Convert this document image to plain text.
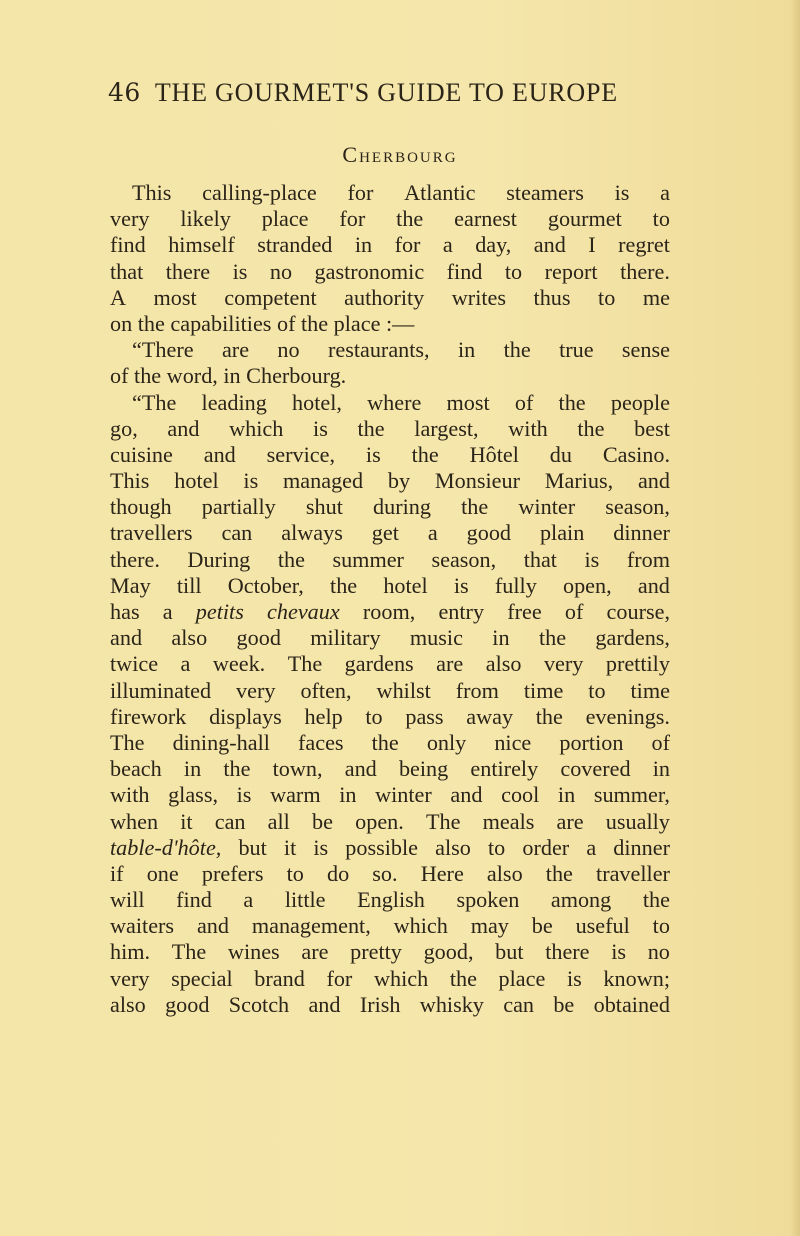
46 THE GOURMET'S GUIDE TO EUROPE
Cherbourg
This calling-place for Atlantic steamers is a
very likely place for the earnest gourmet to
find himself stranded in for a day, and I regret
that there is no gastronomic find to report there.
A most competent authority writes thus to me
on the capabilities of the place :—
“There are no restaurants, in the true sense
of the word, in Cherbourg.
“The leading hotel, where most of the people
go, and which is the largest, with the best
cuisine and service, is the Hôtel du Casino.
This hotel is managed by Monsieur Marius, and
though partially shut during the winter season,
travellers can always get a good plain dinner
there. During the summer season, that is from
May till October, the hotel is fully open, and
has a petits chevaux room, entry free of course,
and also good military music in the gardens,
twice a week. The gardens are also very prettily
illuminated very often, whilst from time to time
firework displays help to pass away the evenings.
The dining-hall faces the only nice portion of
beach in the town, and being entirely covered in
with glass, is warm in winter and cool in summer,
when it can all be open. The meals are usually
table-d'hôte, but it is possible also to order a dinner
if one prefers to do so. Here also the traveller
will find a little English spoken among the
waiters and management, which may be useful to
him. The wines are pretty good, but there is no
very special brand for which the place is known;
also good Scotch and Irish whisky can be obtained
